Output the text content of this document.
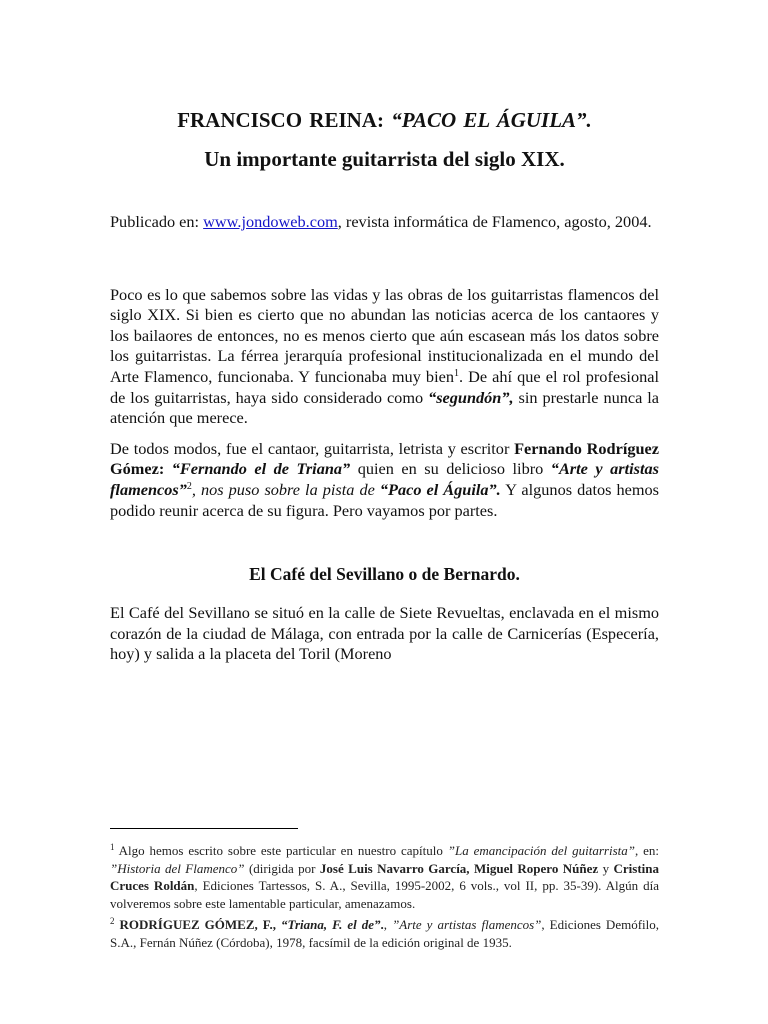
FRANCISCO REINA: “PACO EL ÁGUILA”.
Un importante guitarrista del siglo XIX.

Publicado en: www.jondoweb.com, revista informática de Flamenco, agosto, 2004.

Poco es lo que sabemos sobre las vidas y las obras de los guitarristas flamencos del siglo XIX. Si bien es cierto que no abundan las noticias acerca de los cantaores y los bailaores de entonces, no es menos cierto que aún escasean más los datos sobre los guitarristas. La férrea jerarquía profesional institucionalizada en el mundo del Arte Flamenco, funcionaba. Y funcionaba muy bien$^1$. De ahí que el rol profesional de los guitarristas, haya sido considerado como “segundón”, sin prestarle nunca la atención que merece.

De todos modos, fue el cantaor, guitarrista, letrista y escritor Fernando Rodríguez Gómez: “Fernando el de Triana” quien en su delicioso libro “Arte y artistas flamencos”$^2$, nos puso sobre la pista de “Paco el Águila”. Y algunos datos hemos podido reunir acerca de su figura. Pero vayamos por partes.

El Café del Sevillano o de Bernardo.

El Café del Sevillano se situó en la calle de Siete Revueltas, enclavada en el mismo corazón de la ciudad de Málaga, con entrada por la calle de Carnicerías (Especería, hoy) y salida a la placeta del Toril (Moreno

$^1$ Algo hemos escrito sobre este particular en nuestro capítulo ”La emancipación del guitarrista”, en: ”Historia del Flamenco” (dirigida por José Luis Navarro García, Miguel Ropero Núñez y Cristina Cruces Roldán, Ediciones Tartessos, S. A., Sevilla, 1995-2002, 6 vols., vol II, pp. 35-39). Algún día volveremos sobre este lamentable particular, amenazamos.

$^2$ RODRÍGUEZ GÓMEZ, F., “Triana, F. el de”., ”Arte y artistas flamencos”, Ediciones Demófilo, S.A., Fernán Núñez (Córdoba), 1978, facsímil de la edición original de 1935.
